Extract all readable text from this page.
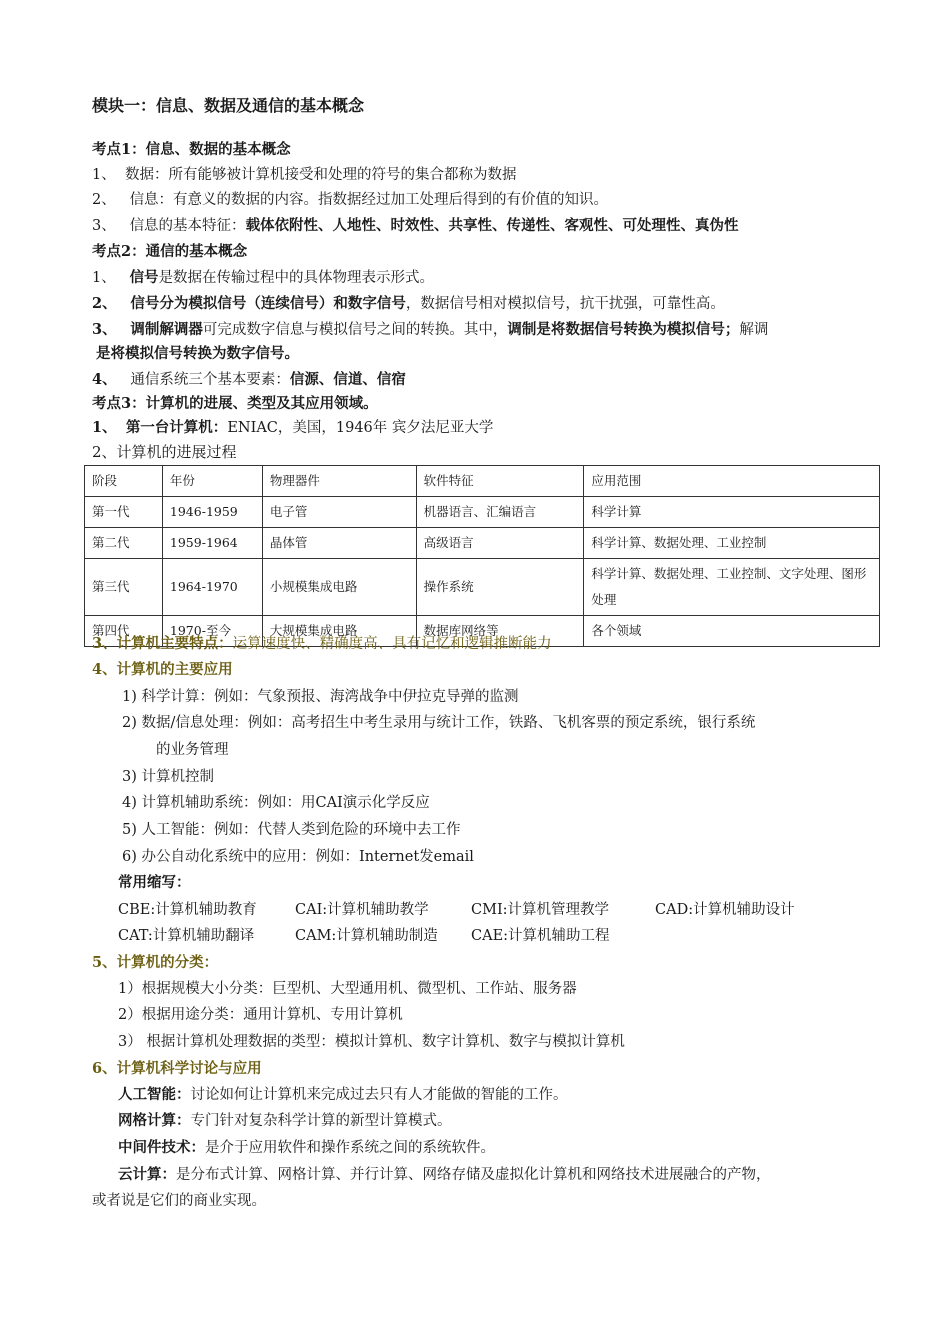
模块一：信息、数据及通信的基本概念
考点1：信息、数据的基本概念
1、 数据：所有能够被计算机接受和处理的符号的集合都称为数据
2、 信息：有意义的数据的内容。指数据经过加工处理后得到的有价值的知识。
3、 信息的基本特征：载体依附性、人地性、时效性、共享性、传递性、客观性、可处理性、真伪性
考点2：通信的基本概念
1、 信号是数据在传输过程中的具体物理表示形式。
2、 信号分为模拟信号（连续信号）和数字信号，数据信号相对模拟信号，抗干扰强，可靠性高。
3、 调制解调器可完成数字信息与模拟信号之间的转换。其中，调制是将数据信号转换为模拟信号；解调
是将模拟信号转换为数字信号。
4、 通信系统三个基本要素：信源、信道、信宿
考点3：计算机的进展、类型及其应用领域。
1、 第一台计算机：ENIAC，美国，1946年 宾夕法尼亚大学
2、计算机的进展过程
阶段	年份	物理器件	软件特征	应用范围
第一代	1946-1959	电子管	机器语言、汇编语言	科学计算
第二代	1959-1964	晶体管	高级语言	科学计算、数据处理、工业控制
第三代	1964-1970	小规模集成电路	操作系统	科学计算、数据处理、工业控制、文字处理、图形处理
第四代	1970-至今	大规模集成电路	数据库网络等	各个领域
3、计算机主要特点：运算速度快、精确度高、具有记忆和逻辑推断能力
4、计算机的主要应用
1) 科学计算：例如：气象预报、海湾战争中伊拉克导弹的监测
2) 数据/信息处理：例如：高考招生中考生录用与统计工作，铁路、飞机客票的预定系统，银行系统
的业务管理
3) 计算机控制
4) 计算机辅助系统：例如：用CAI演示化学反应
5) 人工智能：例如：代替人类到危险的环境中去工作
6) 办公自动化系统中的应用：例如：Internet发email
常用缩写：
CBE:计算机辅助教育	CAI:计算机辅助教学	CMI:计算机管理教学	CAD:计算机辅助设计
CAT:计算机辅助翻译	CAM:计算机辅助制造 CAE:计算机辅助工程
5、计算机的分类：
1）根据规模大小分类：巨型机、大型通用机、微型机、工作站、服务器
2）根据用途分类：通用计算机、专用计算机
3） 根据计算机处理数据的类型：模拟计算机、数字计算机、数字与模拟计算机
6、计算机科学讨论与应用
人工智能：讨论如何让计算机来完成过去只有人才能做的智能的工作。
网格计算：专门针对复杂科学计算的新型计算模式。
中间件技术：是介于应用软件和操作系统之间的系统软件。
云计算：是分布式计算、网格计算、并行计算、网络存储及虚拟化计算机和网络技术进展融合的产物，
或者说是它们的商业实现。
